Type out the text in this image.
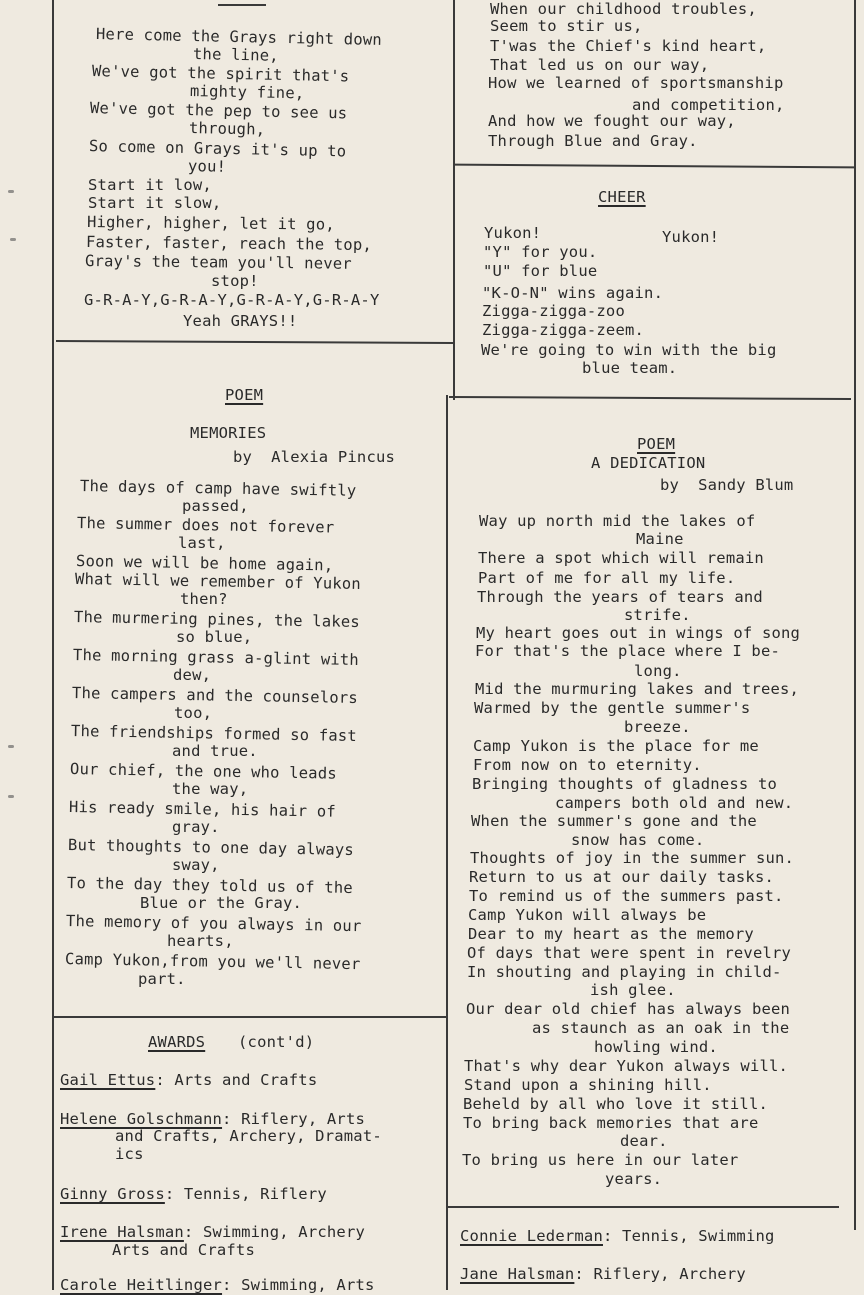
Here come the Grays right down
the line,
We've got the spirit that's
mighty fine,
We've got the pep to see us
through,
So come on Grays it's up to
you!
Start it low,
Start it slow,
Higher, higher, let it go,
Faster, faster, reach the top,
Gray's the team you'll never
stop!
G-R-A-Y,G-R-A-Y,G-R-A-Y,G-R-A-Y
Yeah GRAYS!!
POEM
MEMORIES
by  Alexia Pincus
The days of camp have swiftly
passed,
The summer does not forever
last,
Soon we will be home again,
What will we remember of Yukon
then?
The murmering pines, the lakes
so blue,
The morning grass a-glint with
dew,
The campers and the counselors
too,
The friendships formed so fast
and true.
Our chief, the one who leads
the way,
His ready smile, his hair of
gray.
But thoughts to one day always
sway,
To the day they told us of the
Blue or the Gray.
The memory of you always in our
hearts,
Camp Yukon,from you we'll never
part.
AWARDS (cont'd)
Gail Ettus: Arts and Crafts
Helene Golschmann: Riflery, Arts
and Crafts, Archery, Dramat-
ics
Ginny Gross: Tennis, Riflery
Irene Halsman: Swimming, Archery
Arts and Crafts
Carole Heitlinger: Swimming, Arts
When our childhood troubles,
Seem to stir us,
T'was the Chief's kind heart,
That led us on our way,
How we learned of sportsmanship
and competition,
And how we fought our way,
Through Blue and Gray.
CHEER
Yukon!	Yukon!
"Y" for you.
"U" for blue
"K-O-N" wins again.
Zigga-zigga-zoo
Zigga-zigga-zeem.
We're going to win with the big
blue team.
POEM
A DEDICATION
by  Sandy Blum
Way up north mid the lakes of
Maine
There a spot which will remain
Part of me for all my life.
Through the years of tears and
strife.
My heart goes out in wings of song
For that's the place where I be-
long.
Mid the murmuring lakes and trees,
Warmed by the gentle summer's
breeze.
Camp Yukon is the place for me
From now on to eternity.
Bringing thoughts of gladness to
campers both old and new.
When the summer's gone and the
snow has come.
Thoughts of joy in the summer sun.
Return to us at our daily tasks.
To remind us of the summers past.
Camp Yukon will always be
Dear to my heart as the memory
Of days that were spent in revelry
In shouting and playing in child-
ish glee.
Our dear old chief has always been
as staunch as an oak in the
howling wind.
That's why dear Yukon always will.
Stand upon a shining hill.
Beheld by all who love it still.
To bring back memories that are
dear.
To bring us here in our later
years.
Connie Lederman: Tennis, Swimming
Jane Halsman: Riflery, Archery
